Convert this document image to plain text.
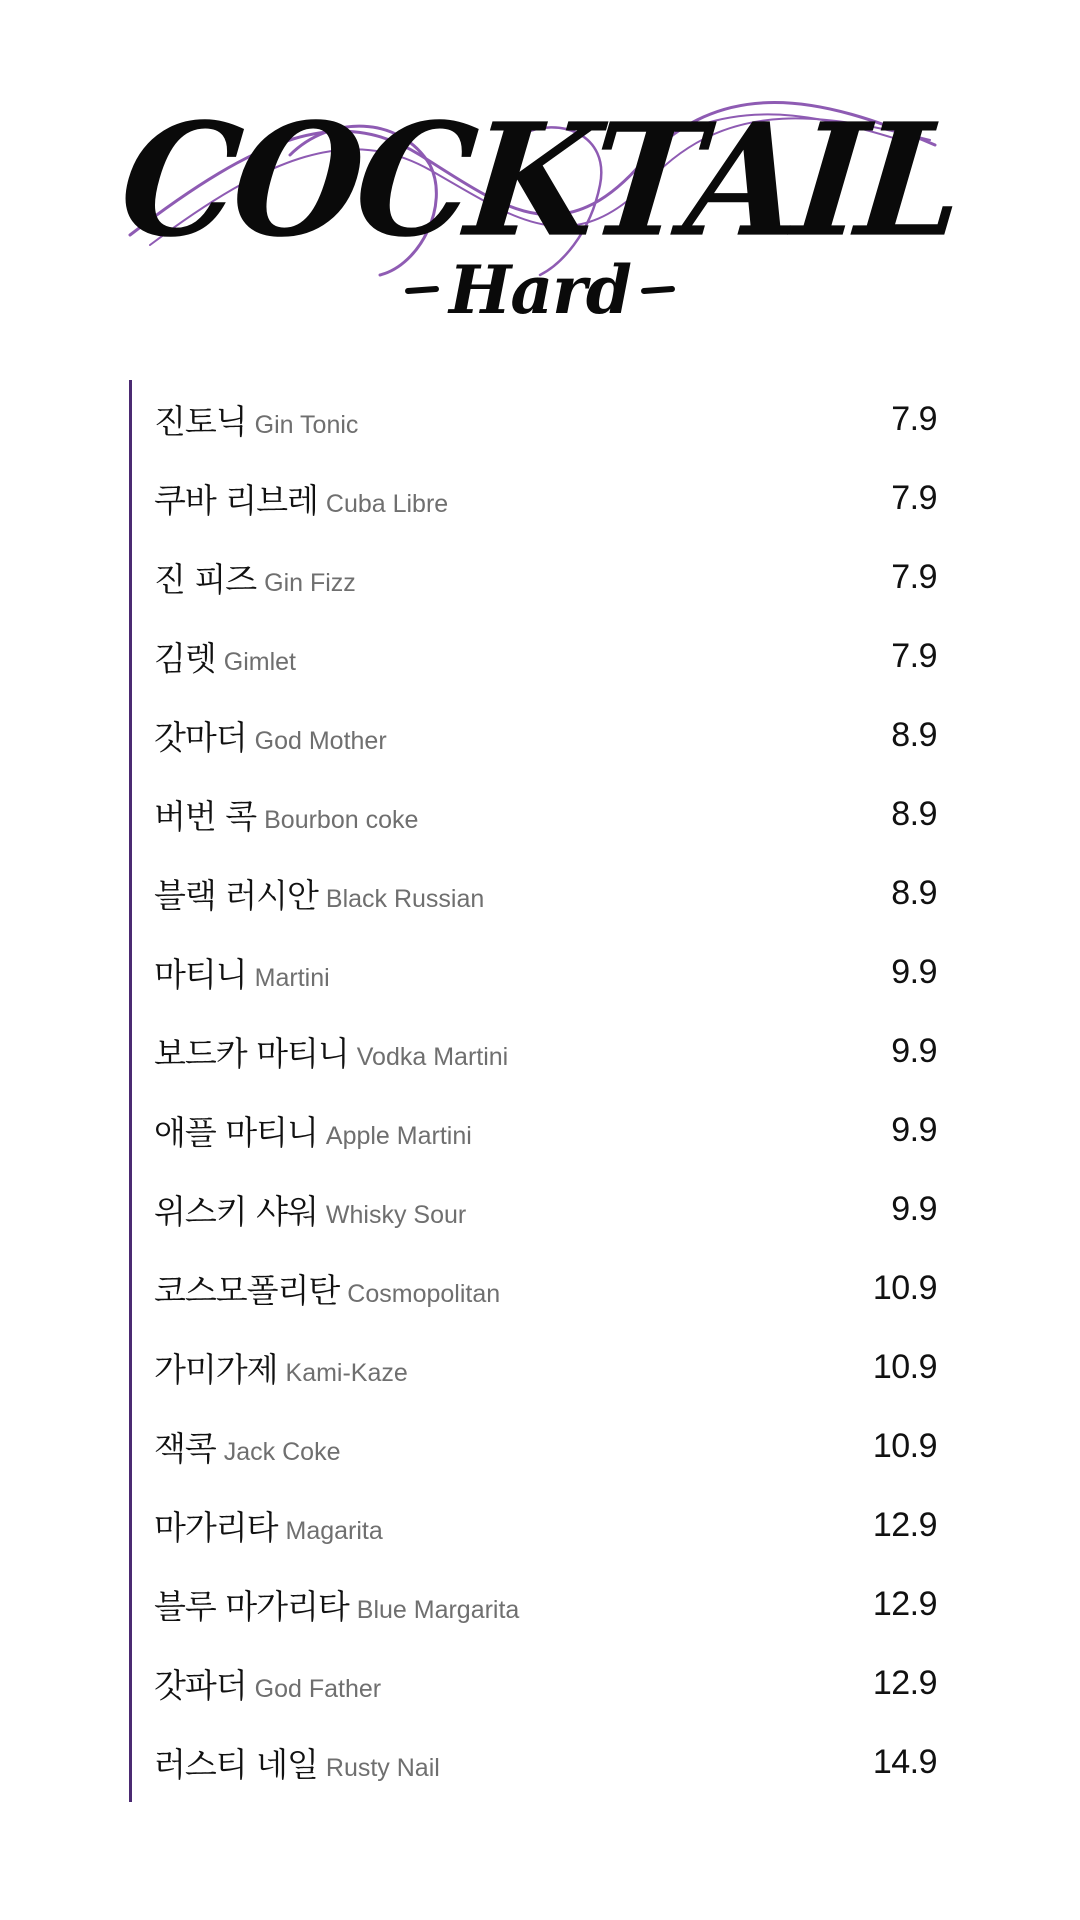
COCKTAIL
Hard
진토닉 Gin Tonic	7.9
쿠바 리브레 Cuba Libre	7.9
진 피즈 Gin Fizz	7.9
김렛 Gimlet	7.9
갓마더 God Mother	8.9
버번 콕 Bourbon coke	8.9
블랙 러시안 Black Russian	8.9
마티니 Martini	9.9
보드카 마티니 Vodka Martini	9.9
애플 마티니 Apple Martini	9.9
위스키 샤워 Whisky Sour	9.9
코스모폴리탄 Cosmopolitan	10.9
가미가제 Kami-Kaze	10.9
잭콕 Jack Coke	10.9
마가리타 Magarita	12.9
블루 마가리타 Blue Margarita	12.9
갓파더 God Father	12.9
러스티 네일 Rusty Nail	14.9
